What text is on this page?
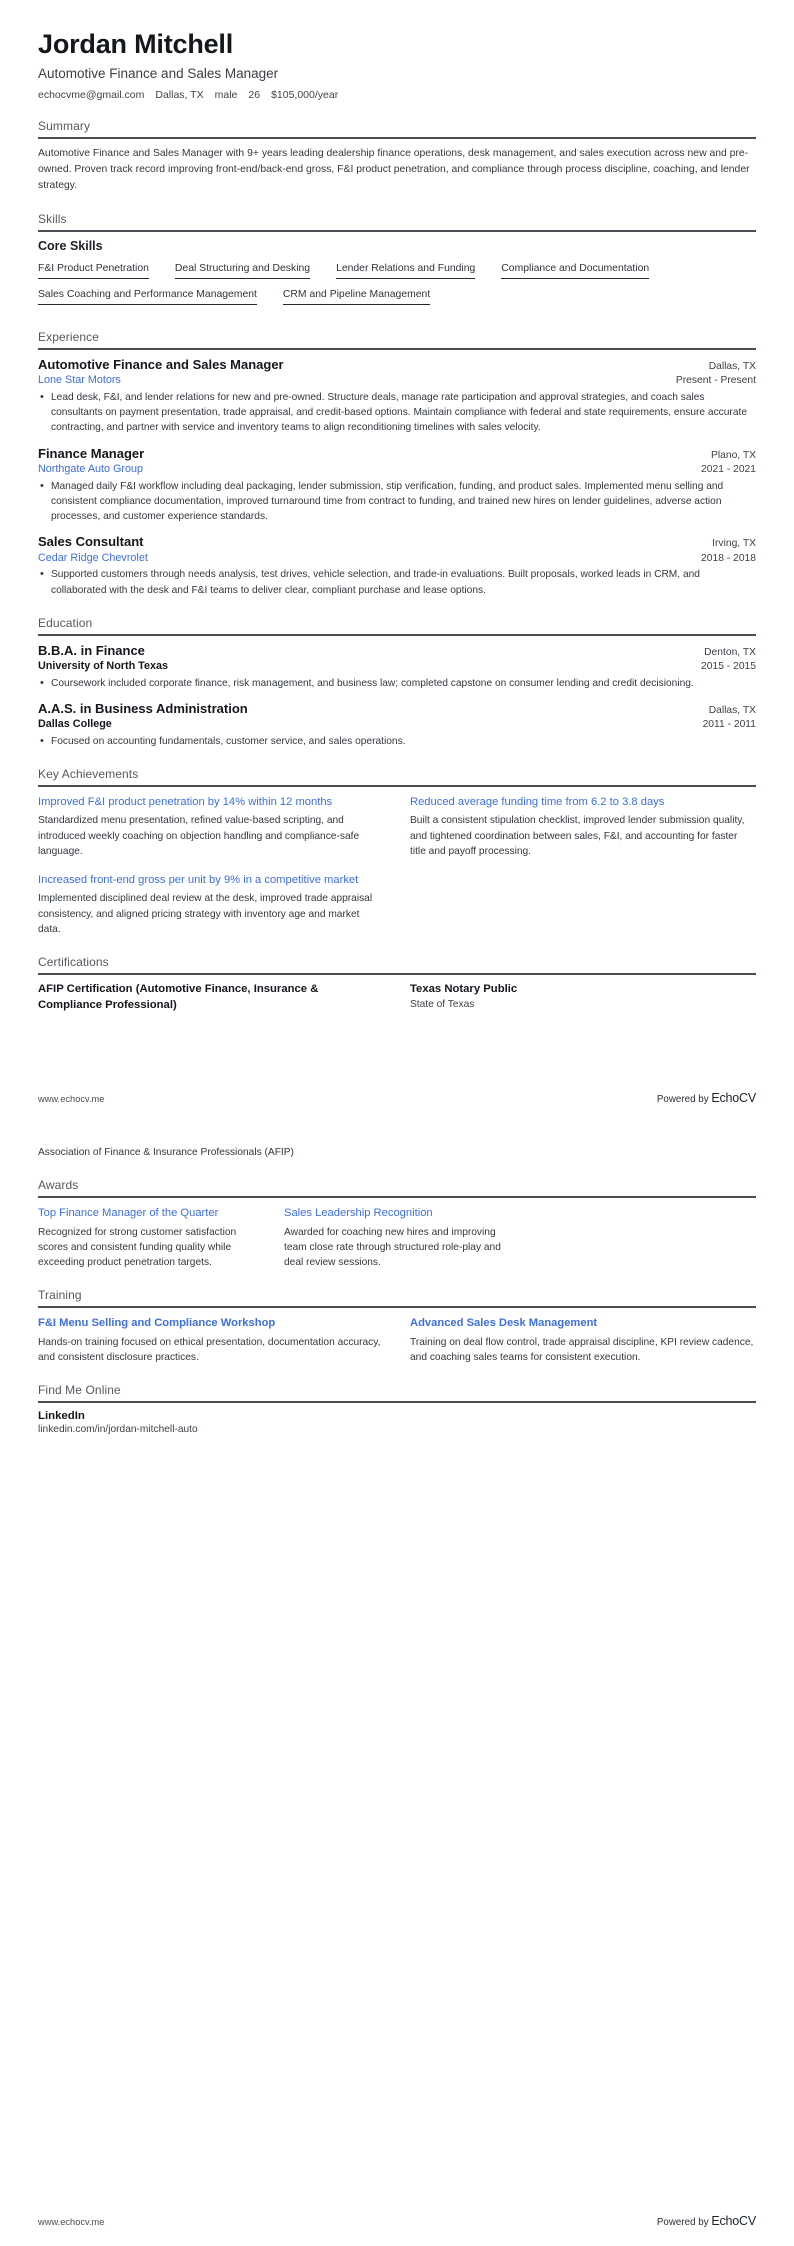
Jordan Mitchell
Automotive Finance and Sales Manager
echocvme@gmail.com Dallas, TX male 26 $105,000/year
Summary

Automotive Finance and Sales Manager with 9+ years leading dealership finance operations, desk management, and sales execution across new and pre-owned. Proven track record improving front-end/back-end gross, F&I product penetration, and compliance through process discipline, coaching, and lender strategy.

Skills
Core Skills
F&I Product Penetration	Deal Structuring and Desking	Lender Relations and Funding	Compliance and Documentation
Sales Coaching and Performance Management	CRM and Pipeline Management
Experience
Automotive Finance and Sales Manager	Dallas, TX
Lone Star Motors	Present - Present
• Lead desk, F&I, and lender relations for new and pre-owned. Structure deals, manage rate participation and approval strategies, and coach sales consultants on payment presentation, trade appraisal, and credit-based options. Maintain compliance with federal and state requirements, ensure accurate contracting, and partner with service and inventory teams to align reconditioning timelines with sales velocity.
Finance Manager	Plano, TX
Northgate Auto Group	2021 - 2021
• Managed daily F&I workflow including deal packaging, lender submission, stip verification, funding, and product sales. Implemented menu selling and consistent compliance documentation, improved turnaround time from contract to funding, and trained new hires on lender guidelines, adverse action processes, and customer experience standards.
Sales Consultant	Irving, TX
Cedar Ridge Chevrolet	2018 - 2018
• Supported customers through needs analysis, test drives, vehicle selection, and trade-in evaluations. Built proposals, worked leads in CRM, and collaborated with the desk and F&I teams to deliver clear, compliant purchase and lease options.
Education
B.B.A. in Finance	Denton, TX
University of North Texas	2015 - 2015
• Coursework included corporate finance, risk management, and business law; completed capstone on consumer lending and credit decisioning.
A.A.S. in Business Administration	Dallas, TX
Dallas College	2011 - 2011
• Focused on accounting fundamentals, customer service, and sales operations.
Key Achievements
Improved F&I product penetration by 14% within 12 months
Standardized menu presentation, refined value-based scripting, and introduced weekly coaching on objection handling and compliance-safe language.
Reduced average funding time from 6.2 to 3.8 days
Built a consistent stipulation checklist, improved lender submission quality, and tightened coordination between sales, F&I, and accounting for faster title and payoff processing.
Increased front-end gross per unit by 9% in a competitive market
Implemented disciplined deal review at the desk, improved trade appraisal consistency, and aligned pricing strategy with inventory age and market data.
Certifications
AFIP Certification (Automotive Finance, Insurance & Compliance Professional)
Texas Notary Public
State of Texas
www.echocv.me	Powered by EchoCV
Association of Finance & Insurance Professionals (AFIP)
Awards
Top Finance Manager of the Quarter
Recognized for strong customer satisfaction scores and consistent funding quality while exceeding product penetration targets.
Sales Leadership Recognition
Awarded for coaching new hires and improving team close rate through structured role-play and deal review sessions.
Training
F&I Menu Selling and Compliance Workshop
Hands-on training focused on ethical presentation, documentation accuracy, and consistent disclosure practices.
Advanced Sales Desk Management
Training on deal flow control, trade appraisal discipline, KPI review cadence, and coaching sales teams for consistent execution.
Find Me Online
LinkedIn
linkedin.com/in/jordan-mitchell-auto
www.echocv.me	Powered by EchoCV
